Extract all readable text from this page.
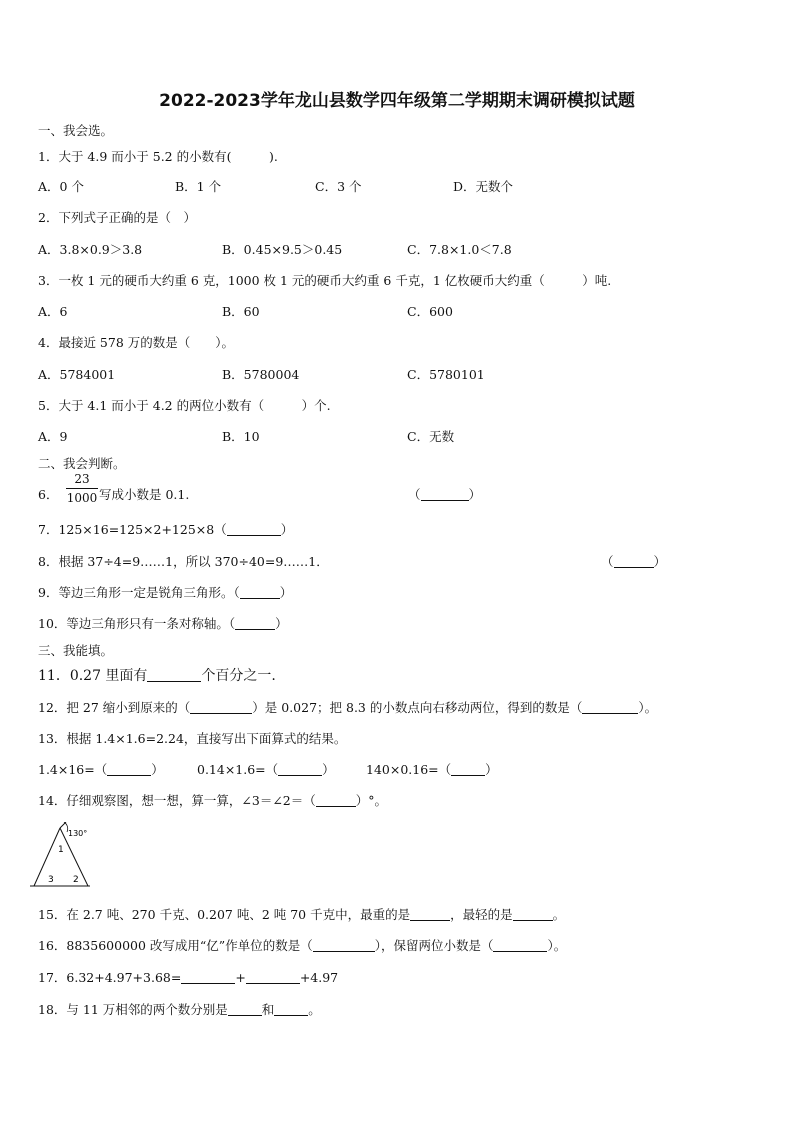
2022-2023学年龙山县数学四年级第二学期期末调研模拟试题
一、我会选。
1．大于 4.9 而小于 5.2 的小数有(　　　).
A．0 个	B．1 个	C．3 个	D．无数个
2．下列式子正确的是（　）
A．3.8×0.9＞3.8	B．0.45×9.5＞0.45	C．7.8×1.0＜7.8
3．一枚 1 元的硬币大约重 6 克，1000 枚 1 元的硬币大约重 6 千克，1 亿枚硬币大约重（　　　）吨.
A．6	B．60	C．600
4．最接近 578 万的数是（　　）。
A．5784001	B．5780004	C．5780101
5．大于 4.1 而小于 4.2 的两位小数有（　　　）个.
A．9	B．10	C．无数
二、我会判断。
6．
23
1000 写成小数是 0.1.	（	）
7．125×16=125×2+125×8（	）
8．根据 37÷4=9……1，所以 370÷40=9……1．	（	）
9．等边三角形一定是锐角三角形。（	）
10．等边三角形只有一条对称轴。（	）
三、我能填。
11．0.27 里面有	个百分之一.
12．把 27 缩小到原来的（	）是 0.027；把 8.3 的小数点向右移动两位，得到的数是（	）。
13．根据 1.4×1.6=2.24，直接写出下面算式的结果。
1.4×16=（	）	0.14×1.6=（	）	140×0.16=（	）
14．仔细观察图，想一想，算一算，∠3＝∠2＝（	）°。
130°
1
2
3
15．在 2.7 吨、270 千克、0.207 吨、2 吨 70 千克中，最重的是	，最轻的是	。
16．8835600000 改写成用“亿”作单位的数是（	），保留两位小数是（	）。
17．6.32+4.97+3.68=	+	+4.97
18．与 11 万相邻的两个数分别是	和	。
